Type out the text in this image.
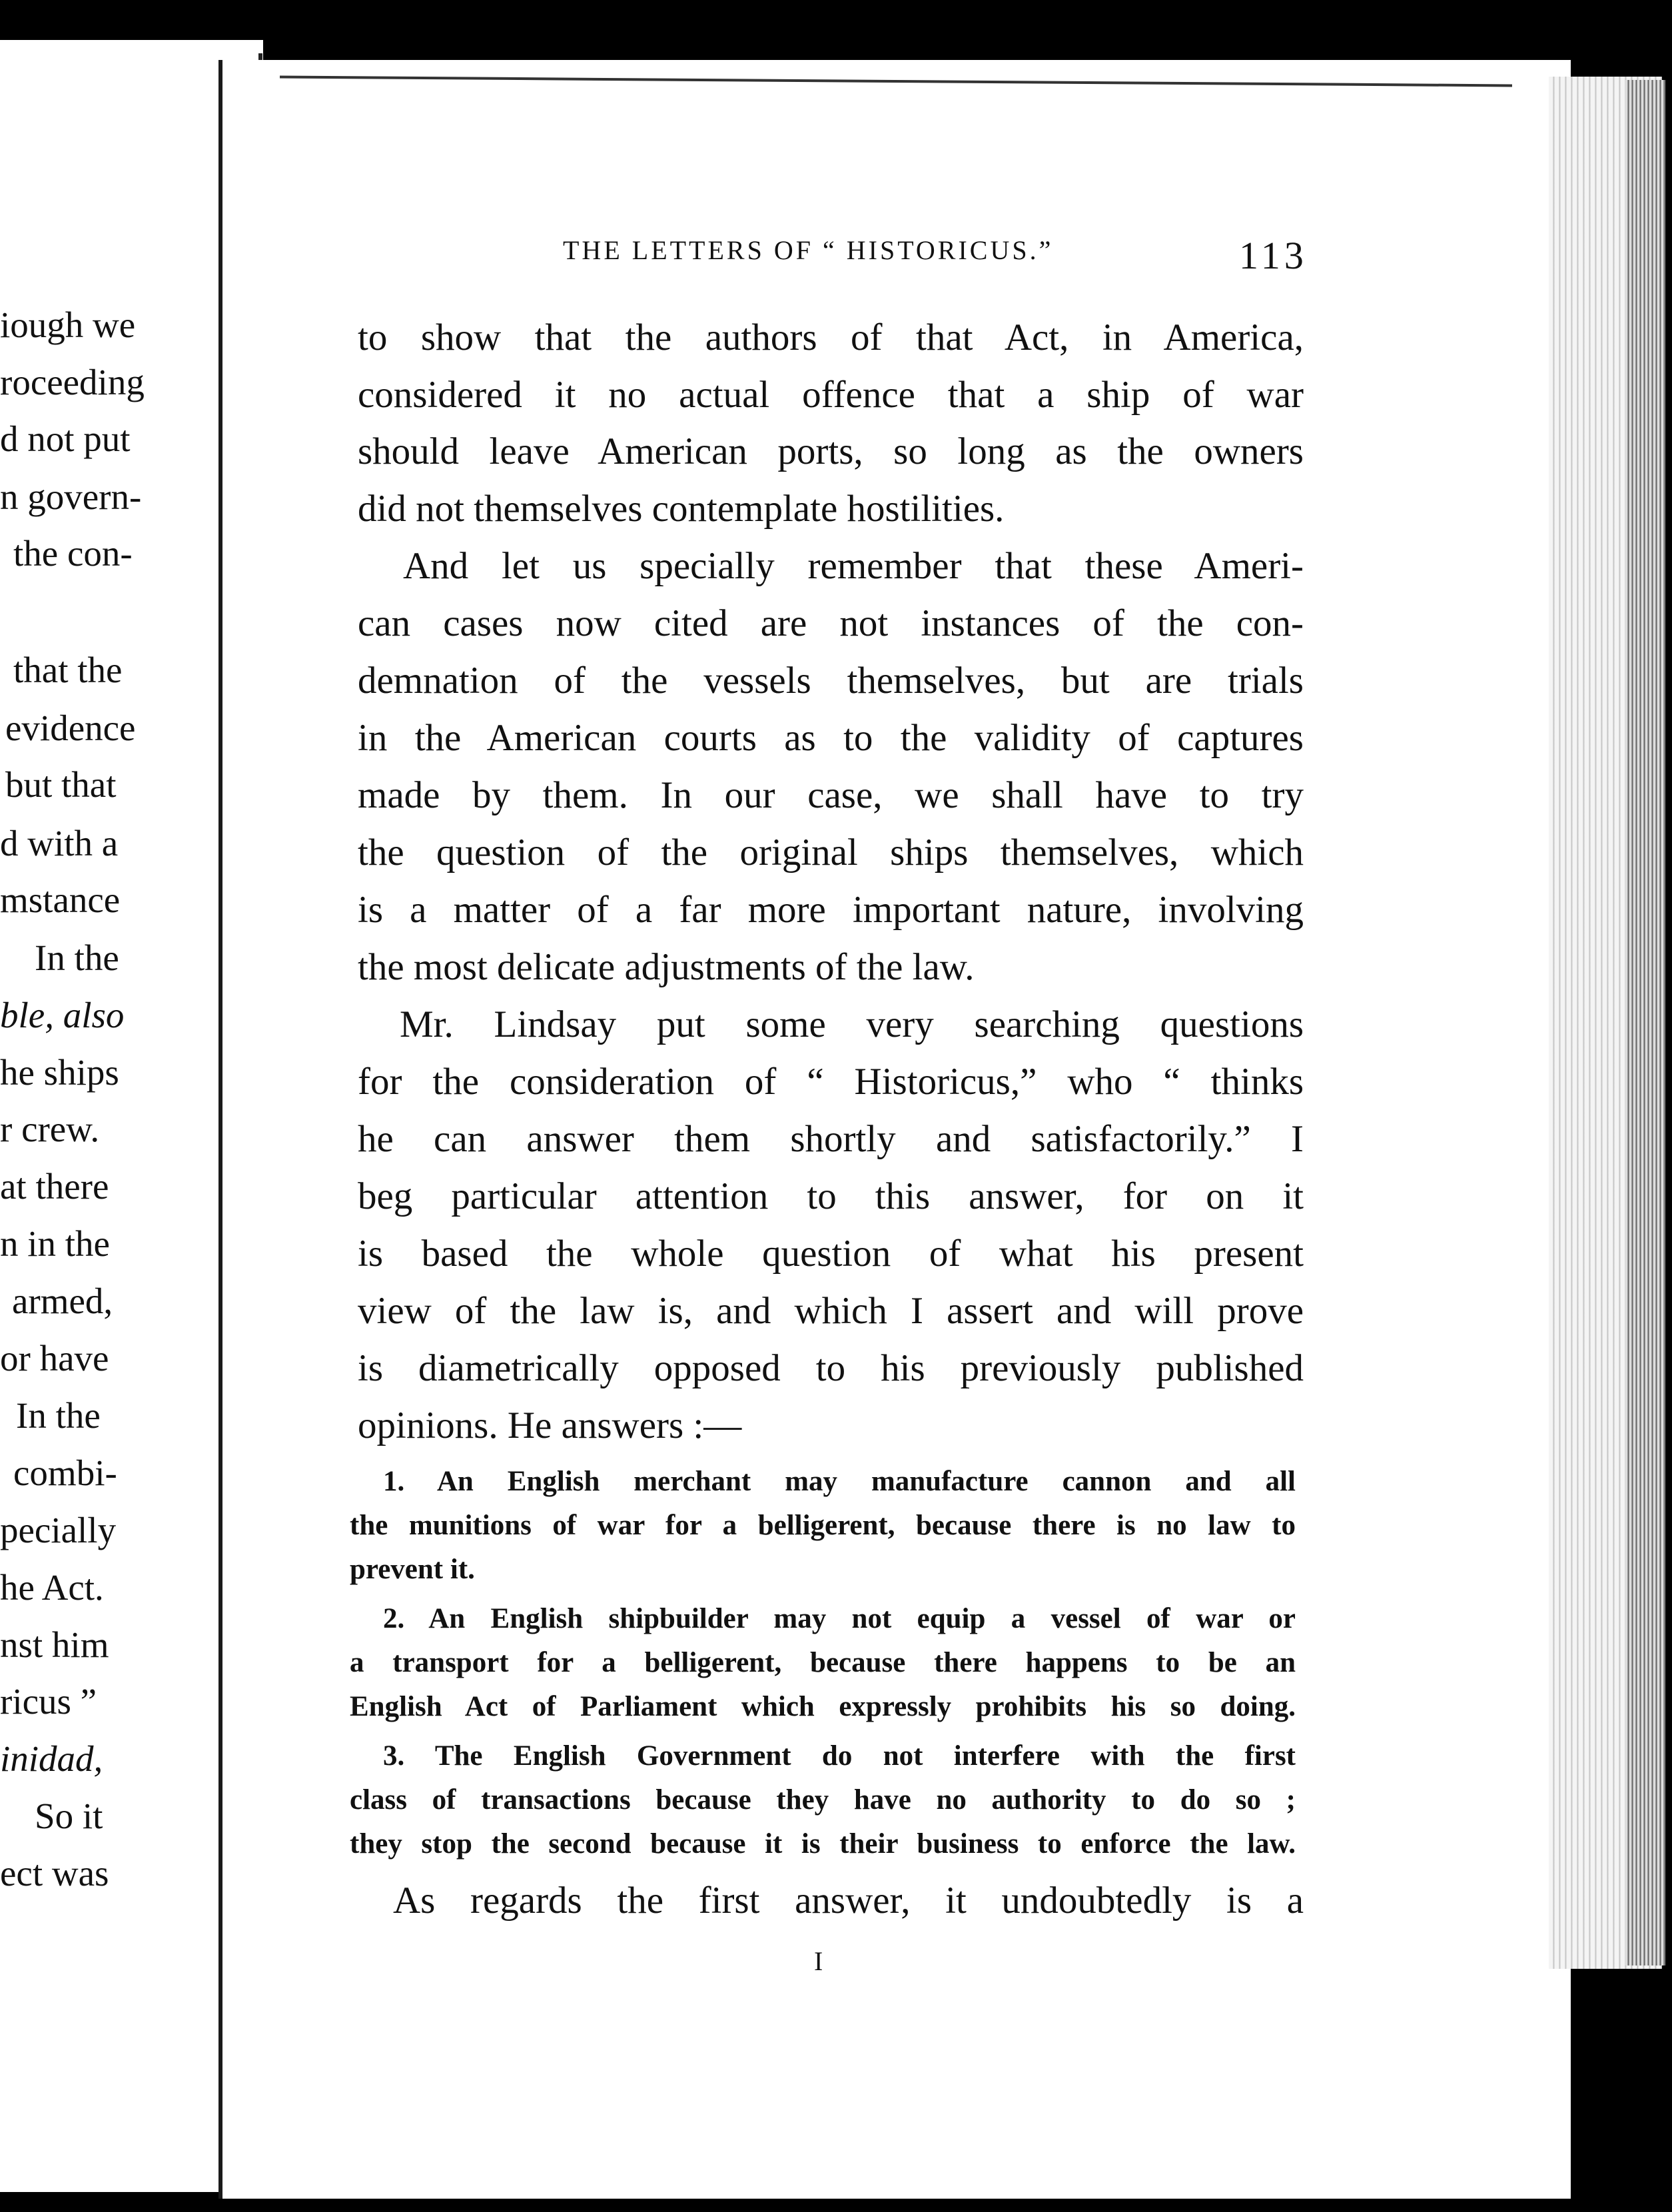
iough we
roceeding
d not put
n govern-
the con-
that the
evidence
but that
d with a
mstance
In the
ble, also
he ships
r crew.
at there
n in the
armed,
or have
In the
combi-
pecially
he Act.
nst him
ricus ”
inidad,
So it
ect was
THE LETTERS OF “ HISTORICUS.”	113
to show that the authors of that Act, in America,
considered it no actual offence that a ship of war
should leave American ports, so long as the owners
did not themselves contemplate hostilities.
And let us specially remember that these Ameri-
can cases now cited are not instances of the con-
demnation of the vessels themselves, but are trials
in the American courts as to the validity of captures
made by them. In our case, we shall have to try
the question of the original ships themselves, which
is a matter of a far more important nature, involving
the most delicate adjustments of the law.
Mr. Lindsay put some very searching questions
for the consideration of “ Historicus,” who “ thinks
he can answer them shortly and satisfactorily.” I
beg particular attention to this answer, for on it
is based the whole question of what his present
view of the law is, and which I assert and will prove
is diametrically opposed to his previously published
opinions. He answers :—
1. An English merchant may manufacture cannon and all
the munitions of war for a belligerent, because there is no law to
prevent it.
2. An English shipbuilder may not equip a vessel of war or
a transport for a belligerent, because there happens to be an
English Act of Parliament which expressly prohibits his so doing.
3. The English Government do not interfere with the first
class of transactions because they have no authority to do so ;
they stop the second because it is their business to enforce the law.
As regards the first answer, it undoubtedly is a
I
